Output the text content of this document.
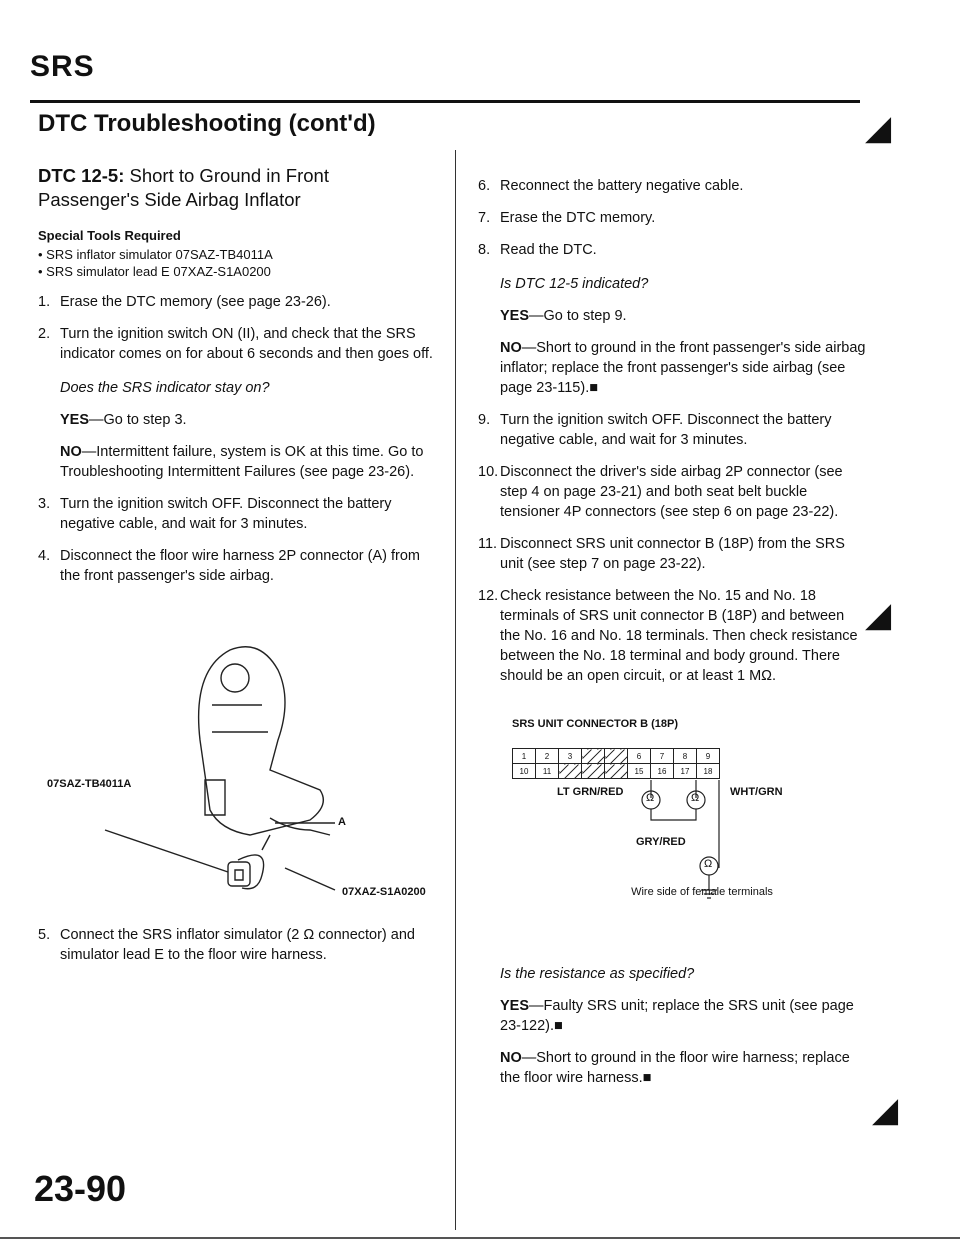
SRS
DTC Troubleshooting (cont'd)	◢
◢
◢

DTC 12-5: Short to Ground in Front Passenger's Side Airbag Inflator

Special Tools Required

• SRS inflator simulator 07SAZ-TB4011A
• SRS simulator lead E 07XAZ-S1A0200

1. Erase the DTC memory (see page 23-26).

2. Turn the ignition switch ON (II), and check that the SRS indicator comes on for about 6 seconds and then goes off.

Does the SRS indicator stay on?

YES—Go to step 3.

NO—Intermittent failure, system is OK at this time. Go to Troubleshooting Intermittent Failures (see page 23-26).

3. Turn the ignition switch OFF. Disconnect the battery negative cable, and wait for 3 minutes.

4. Disconnect the floor wire harness 2P connector (A) from the front passenger's side airbag.

07SAZ-TB4011A
A
07XAZ-S1A0200

5. Connect the SRS inflator simulator (2 Ω connector) and simulator lead E to the floor wire harness.

6. Reconnect the battery negative cable.

7. Erase the DTC memory.

8. Read the DTC.

Is DTC 12-5 indicated?

YES—Go to step 9.

NO—Short to ground in the front passenger's side airbag inflator; replace the front passenger's side airbag (see page 23-115).■

9. Turn the ignition switch OFF. Disconnect the battery negative cable, and wait for 3 minutes.

10. Disconnect the driver's side airbag 2P connector (see step 4 on page 23-21) and both seat belt buckle tensioner 4P connectors (see step 6 on page 23-22).

11. Disconnect SRS unit connector B (18P) from the SRS unit (see step 7 on page 23-22).

12. Check resistance between the No. 15 and No. 18 terminals of SRS unit connector B (18P) and between the No. 16 and No. 18 terminals. Then check resistance between the No. 18 terminal and body ground. There should be an open circuit, or at least 1 MΩ.

SRS UNIT CONNECTOR B (18P)
1	2	3			6	7	8	9
10	11				15	16	17	18
LT GRN/RED	WHT/GRN
GRY/RED
Ω	Ω
Ω
Wire side of female terminals

Is the resistance as specified?

YES—Faulty SRS unit; replace the SRS unit (see page 23-122).■

NO—Short to ground in the floor wire harness; replace the floor wire harness.■

23-90
